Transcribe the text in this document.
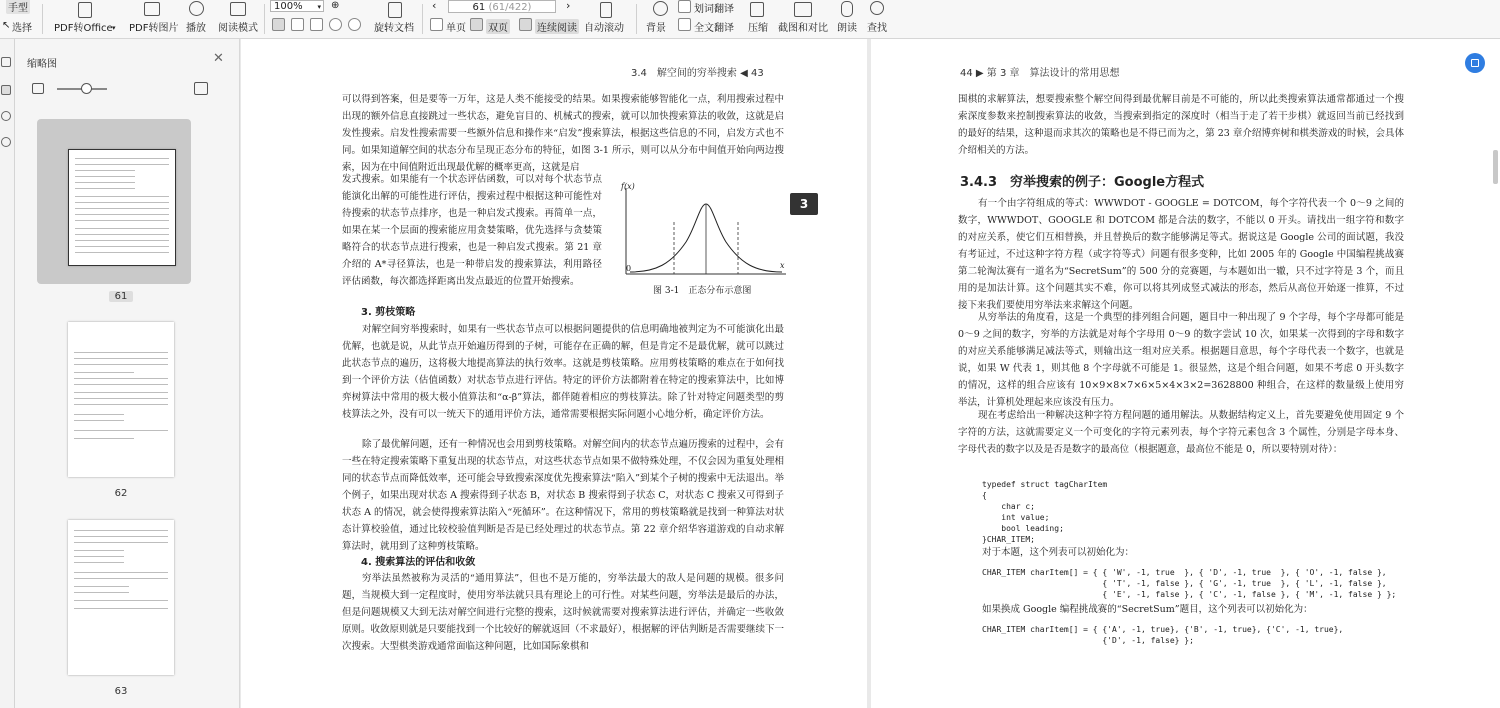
手型
↖ 选择 PDF转Office ▾ PDF转图片 播放 阅读模式
100% ▾ ⊕
旋转文档
‹	61 (61/422)	›
单页 双页	连续阅读 自动滚动 背景
划词翻译
全文翻译 压缩 截图和对比 朗读 查找
缩略图	✕
61
62
63
3.4　解空间的穷举搜索 ◀ 43

可以得到答案，但是要等一万年，这是人类不能接受的结果。如果搜索能够智能化一点，利用搜索过程中出现的额外信息直接跳过一些状态，避免盲目的、机械式的搜索，就可以加快搜索算法的收敛，这就是启发性搜索。启发性搜索需要一些额外信息和操作来“启发”搜索算法，根据这些信息的不同，启发方式也不同。如果知道解空间的状态分布呈现正态分布的特征，如图 3-1 所示，则可以从分布中间值开始向两边搜索，因为在中间值附近出现最优解的概率更高，这就是启

发式搜索。如果能有一个状态评估函数，可以对每个状态节点能演化出解的可能性进行评估，搜索过程中根据这种可能性对待搜索的状态节点排序，也是一种启发式搜索。再简单一点，如果在某一个层面的搜索能应用贪婪策略，优先选择与贪婪策略符合的状态节点进行搜索，也是一种启发式搜索。第 21 章介绍的 A*寻径算法，也是一种带启发的搜索算法，利用路径评估函数，每次都选择距离出发点最近的位置开始搜索。

f(x)
0	x
图 3-1　正态分布示意图
3. 剪枝策略

对解空间穷举搜索时，如果有一些状态节点可以根据问题提供的信息明确地被判定为不可能演化出最优解，也就是说，从此节点开始遍历得到的子树，可能存在正确的解，但是肯定不是最优解，就可以跳过此状态节点的遍历，这将极大地提高算法的执行效率。这就是剪枝策略。应用剪枝策略的难点在于如何找到一个评价方法（估值函数）对状态节点进行评估。特定的评价方法都附着在特定的搜索算法中，比如博弈树算法中常用的极大极小值算法和“α-β”算法，都伴随着相应的剪枝算法。除了针对特定问题类型的剪枝算法之外，没有可以一统天下的通用评价方法，通常需要根据实际问题小心地分析，确定评价方法。

除了最优解问题，还有一种情况也会用到剪枝策略。对解空间内的状态节点遍历搜索的过程中，会有一些在特定搜索策略下重复出现的状态节点，对这些状态节点如果不做特殊处理，不仅会因为重复处理相同的状态节点而降低效率，还可能会导致搜索深度优先搜索算法“陷入”到某个子树的搜索中无法退出。举个例子，如果出现对状态 A 搜索得到子状态 B，对状态 B 搜索得到子状态 C，对状态 C 搜索又可得到子状态 A 的情况，就会使得搜索算法陷入“死循环”。在这种情况下，常用的剪枝策略就是找到一种算法对状态计算校验值，通过比较校验值判断是否是已经处理过的状态节点。第 22 章介绍华容道游戏的自动求解算法时，就用到了这种剪枝策略。

4. 搜索算法的评估和收敛

穷举法虽然被称为灵活的“通用算法”，但也不是万能的，穷举法最大的敌人是问题的规模。很多问题，当规模大到一定程度时，使用穷举法就只具有理论上的可行性。对某些问题，穷举法是最后的办法，但是问题规模又大到无法对解空间进行完整的搜索，这时候就需要对搜索算法进行评估，并确定一些收敛原则。收敛原则就是只要能找到一个比较好的解就返回（不求最好），根据解的评估判断是否需要继续下一次搜索。大型棋类游戏通常面临这种问题，比如国际象棋和

3
44 ▶ 第 3 章　算法设计的常用思想

围棋的求解算法，想要搜索整个解空间得到最优解目前是不可能的，所以此类搜索算法通常都通过一个搜索深度参数来控制搜索算法的收敛，当搜索到指定的深度时（相当于走了若干步棋）就返回当前已经找到的最好的结果，这种退而求其次的策略也是不得已而为之，第 23 章介绍博弈树和棋类游戏的时候，会具体介绍相关的方法。

3.4.3　穷举搜索的例子：Google方程式

有一个由字符组成的等式：WWWDOT - GOOGLE = DOTCOM，每个字符代表一个 0～9 之间的数字，WWWDOT、GOOGLE 和 DOTCOM 都是合法的数字，不能以 0 开头。请找出一组字符和数字的对应关系，使它们互相替换，并且替换后的数字能够满足等式。据说这是 Google 公司的面试题，我没有考证过，不过这种字符方程（或字符等式）问题有很多变种，比如 2005 年的 Google 中国编程挑战赛第二轮淘汰赛有一道名为“SecretSum”的 500 分的竞赛题，与本题如出一辙，只不过字符是 3 个，而且用的是加法计算。这个问题其实不难，你可以将其列成竖式减法的形态，然后从高位开始逐一推算，不过接下来我们要使用穷举法来求解这个问题。

从穷举法的角度看，这是一个典型的排列组合问题，题目中一种出现了 9 个字母，每个字母都可能是 0～9 之间的数字，穷举的方法就是对每个字母用 0～9 的数字尝试 10 次，如果某一次得到的字母和数字的对应关系能够满足减法等式，则输出这一组对应关系。根据题目意思，每个字母代表一个数字，也就是说，如果 W 代表 1，则其他 8 个字母就不可能是 1。很显然，这是个组合问题，如果不考虑 0 开头数字的情况，这样的组合应该有 10×9×8×7×6×5×4×3×2=3628800 种组合，在这样的数量级上使用穷举法，计算机处理起来应该没有压力。

现在考虑给出一种解决这种字符方程问题的通用解法。从数据结构定义上，首先要避免使用固定 9 个字符的方法，这就需要定义一个可变化的字符元素列表，每个字符元素包含 3 个属性，分别是字母本身、字母代表的数字以及是否是数字的最高位（根据题意，最高位不能是 0，所以要特别对待）：

typedef struct tagCharItem
{
char c;
int value;
bool leading;
}CHAR_ITEM;

对于本题，这个列表可以初始化为：

CHAR_ITEM charItem[] = { { 'W', -1, true  }, { 'D', -1, true  }, { 'O', -1, false },
{ 'T', -1, false }, { 'G', -1, true  }, { 'L', -1, false },
{ 'E', -1, false }, { 'C', -1, false }, { 'M', -1, false } };

如果换成 Google 编程挑战赛的“SecretSum”题目，这个列表可以初始化为：

CHAR_ITEM charItem[] = { {'A', -1, true}, {'B', -1, true}, {'C', -1, true},
{'D', -1, false} };
